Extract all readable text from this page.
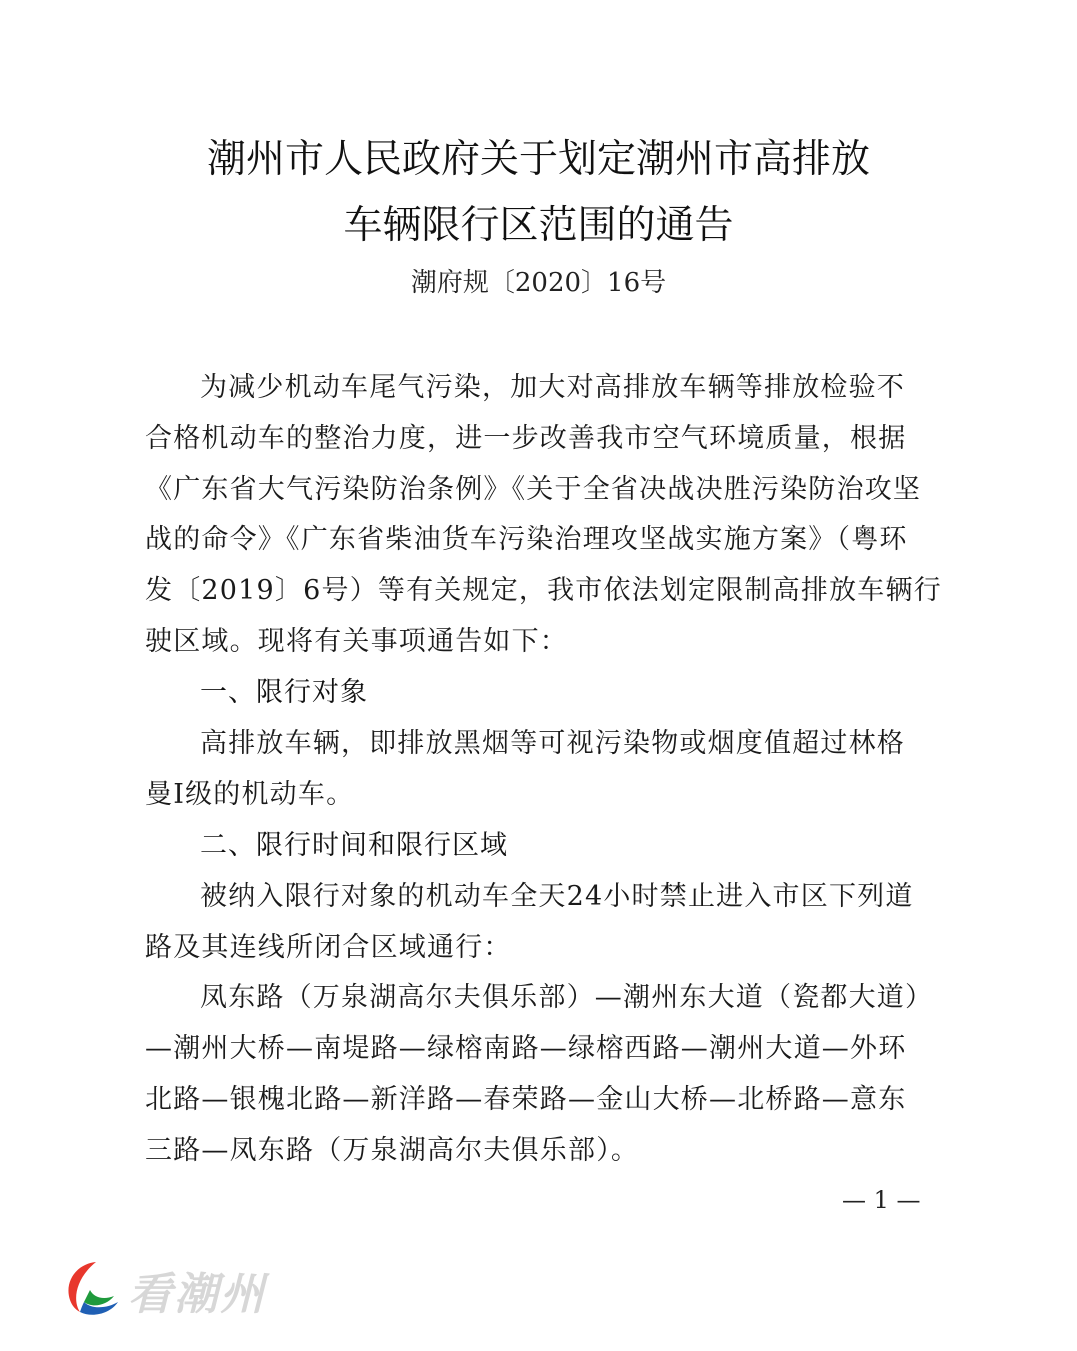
潮州市人民政府关于划定潮州市高排放
车辆限行区范围的通告
潮府规〔2020〕16号
为减少机动车尾气污染，加大对高排放车辆等排放检验不
合格机动车的整治力度，进一步改善我市空气环境质量，根据
《广东省大气污染防治条例》《关于全省决战决胜污染防治攻坚
战的命令》《广东省柴油货车污染治理攻坚战实施方案》（粤环
发〔2019〕6号）等有关规定，我市依法划定限制高排放车辆行
驶区域。现将有关事项通告如下：
一、限行对象
高排放车辆，即排放黑烟等可视污染物或烟度值超过林格
曼Ⅰ级的机动车。
二、限行时间和限行区域
被纳入限行对象的机动车全天24小时禁止进入市区下列道
路及其连线所闭合区域通行：
凤东路（万泉湖高尔夫俱乐部）—潮州东大道（瓷都大道）
—潮州大桥—南堤路—绿榕南路—绿榕西路—潮州大道—外环
北路—银槐北路—新洋路—春荣路—金山大桥—北桥路—意东
三路—凤东路（万泉湖高尔夫俱乐部）。
— 1 —
看潮州
